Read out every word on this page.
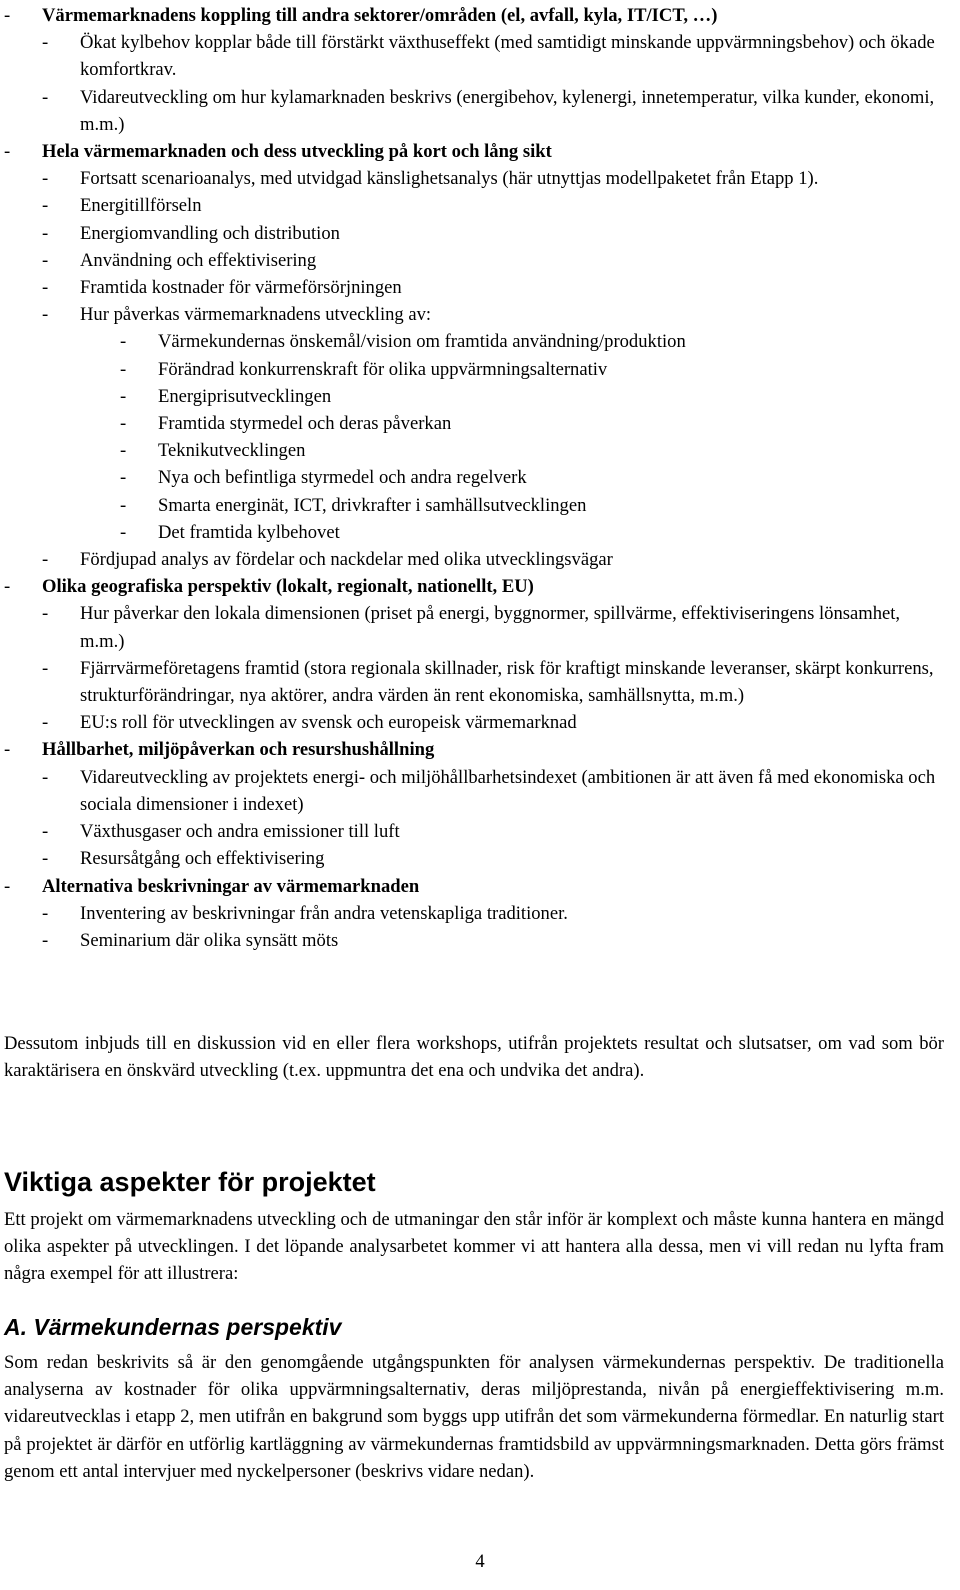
- Värmemarknadens koppling till andra sektorer/områden (el, avfall, kyla, IT/ICT, …)
- Ökat kylbehov kopplar både till förstärkt växthuseffekt (med samtidigt minskande uppvärmningsbehov) och ökade komfortkrav.
- Vidareutveckling om hur kylamarknaden beskrivs (energibehov, kylenergi, innetemperatur, vilka kunder, ekonomi, m.m.)
- Hela värmemarknaden och dess utveckling på kort och lång sikt
- Fortsatt scenarioanalys, med utvidgad känslighetsanalys (här utnyttjas modellpaketet från Etapp 1).
- Energitillförseln
- Energiomvandling och distribution
- Användning och effektivisering
- Framtida kostnader för värmeförsörjningen
- Hur påverkas värmemarknadens utveckling av:
- Värmekundernas önskemål/vision om framtida användning/produktion
- Förändrad konkurrenskraft för olika uppvärmningsalternativ
- Energiprisutvecklingen
- Framtida styrmedel och deras påverkan
- Teknikutvecklingen
- Nya och befintliga styrmedel och andra regelverk
- Smarta energinät, ICT, drivkrafter i samhällsutvecklingen
- Det framtida kylbehovet
- Fördjupad analys av fördelar och nackdelar med olika utvecklingsvägar
- Olika geografiska perspektiv (lokalt, regionalt, nationellt, EU)
- Hur påverkar den lokala dimensionen (priset på energi, byggnormer, spillvärme, effektiviseringens lönsamhet, m.m.)
- Fjärrvärmeföretagens framtid (stora regionala skillnader, risk för kraftigt minskande leveranser, skärpt konkurrens, strukturförändringar, nya aktörer, andra värden än rent ekonomiska, samhällsnytta, m.m.)
- EU:s roll för utvecklingen av svensk och europeisk värmemarknad
- Hållbarhet, miljöpåverkan och resurshushållning
- Vidareutveckling av projektets energi- och miljöhållbarhetsindexet (ambitionen är att även få med ekonomiska och sociala dimensioner i indexet)
- Växthusgaser och andra emissioner till luft
- Resursåtgång och effektivisering
- Alternativa beskrivningar av värmemarknaden
- Inventering av beskrivningar från andra vetenskapliga traditioner.
- Seminarium där olika synsätt möts
Dessutom inbjuds till en diskussion vid en eller flera workshops, utifrån projektets resultat och slutsatser, om vad som bör karaktärisera en önskvärd utveckling (t.ex. uppmuntra det ena och undvika det andra).
Viktiga aspekter för projektet
Ett projekt om värmemarknadens utveckling och de utmaningar den står inför är komplext och måste kunna hantera en mängd olika aspekter på utvecklingen. I det löpande analysarbetet kommer vi att hantera alla dessa, men vi vill redan nu lyfta fram några exempel för att illustrera:
A. Värmekundernas perspektiv
Som redan beskrivits så är den genomgående utgångspunkten för analysen värmekundernas perspektiv. De traditionella analyserna av kostnader för olika uppvärmningsalternativ, deras miljöprestanda, nivån på energieffektivisering m.m. vidareutvecklas i etapp 2, men utifrån en bakgrund som byggs upp utifrån det som värmekunderna förmedlar. En naturlig start på projektet är därför en utförlig kartläggning av värmekundernas framtidsbild av uppvärmningsmarknaden. Detta görs främst genom ett antal intervjuer med nyckelpersoner (beskrivs vidare nedan).
4
